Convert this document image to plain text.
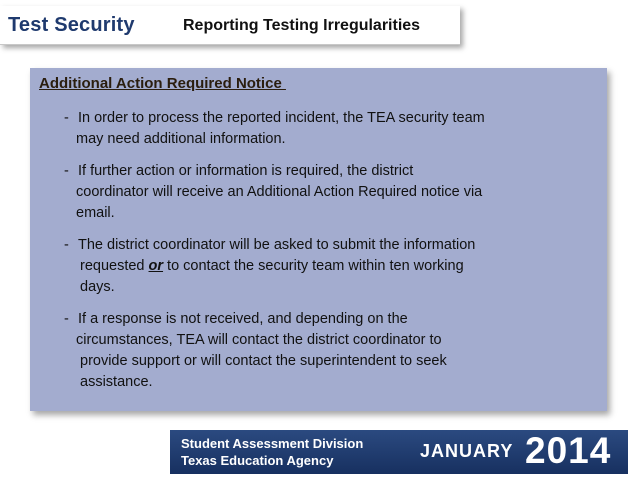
Test Security	Reporting Testing Irregularities
Additional Action Required Notice
- In order to process the reported incident, the TEA security team
may need additional information.
- If further action or information is required, the district
coordinator will receive an Additional Action Required notice via
email.
- The district coordinator will be asked to submit the information
requested or to contact the security team within ten working
days.
- If a response is not received, and depending on the
circumstances, TEA will contact the district coordinator to
provide support or will contact the superintendent to seek
assistance.
Student Assessment Division
Texas Education Agency	JANUARY 2014
